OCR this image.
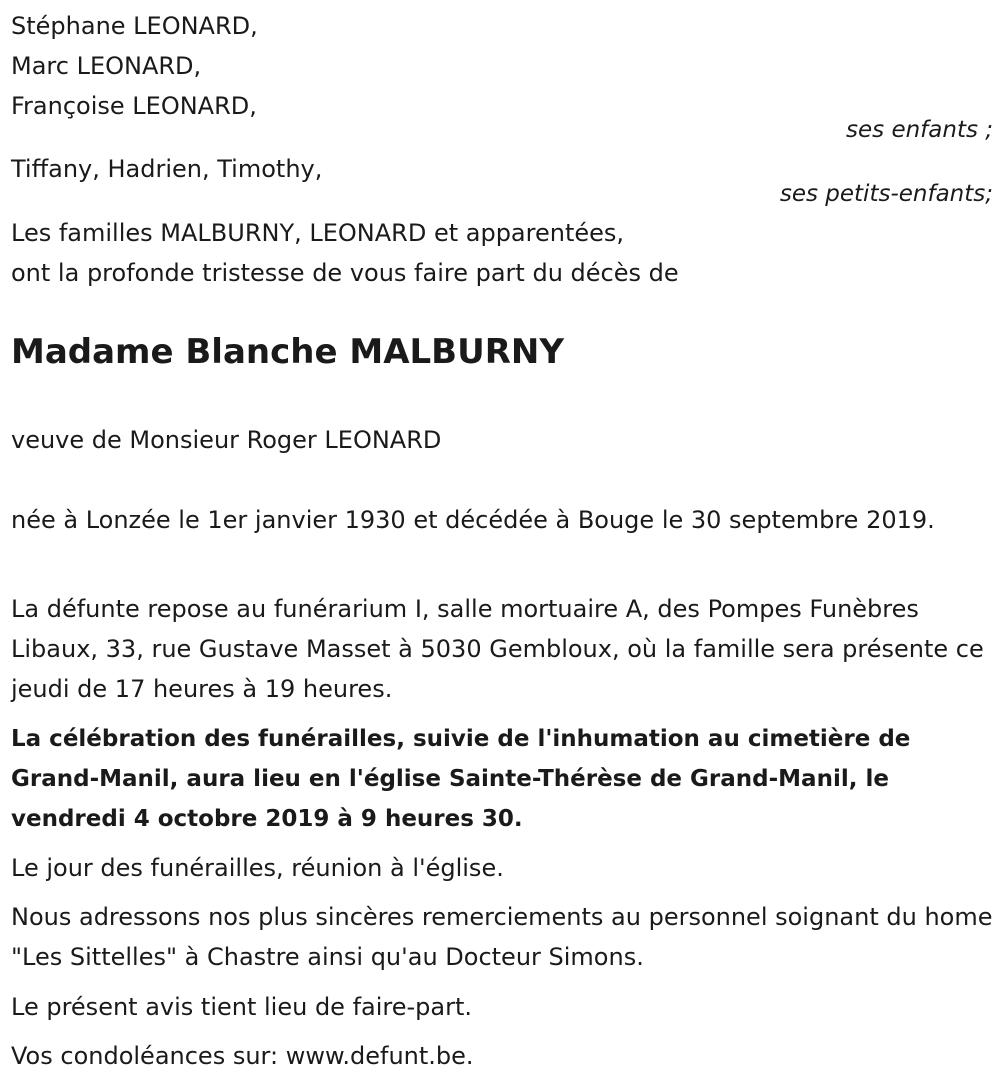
Stéphane LEONARD,

Marc LEONARD,

Françoise LEONARD,

ses enfants ;

Tiffany, Hadrien, Timothy,

ses petits-enfants;

Les familles MALBURNY, LEONARD et apparentées,

ont la profonde tristesse de vous faire part du décès de

Madame Blanche MALBURNY

veuve de Monsieur Roger LEONARD

née à Lonzée le 1er janvier 1930 et décédée à Bouge le 30 septembre 2019.

La défunte repose au funérarium I, salle mortuaire A, des Pompes Funèbres Libaux, 33, rue Gustave Masset à 5030 Gembloux, où la famille sera présente ce jeudi de 17 heures à 19 heures.

La célébration des funérailles, suivie de l'inhumation au cimetière de Grand-Manil, aura lieu en l'église Sainte-Thérèse de Grand-Manil, le vendredi 4 octobre 2019 à 9 heures 30.

Le jour des funérailles, réunion à l'église.

Nous adressons nos plus sincères remerciements au personnel soignant du home "Les Sittelles" à Chastre ainsi qu'au Docteur Simons.

Le présent avis tient lieu de faire-part.

Vos condoléances sur: www.defunt.be.
